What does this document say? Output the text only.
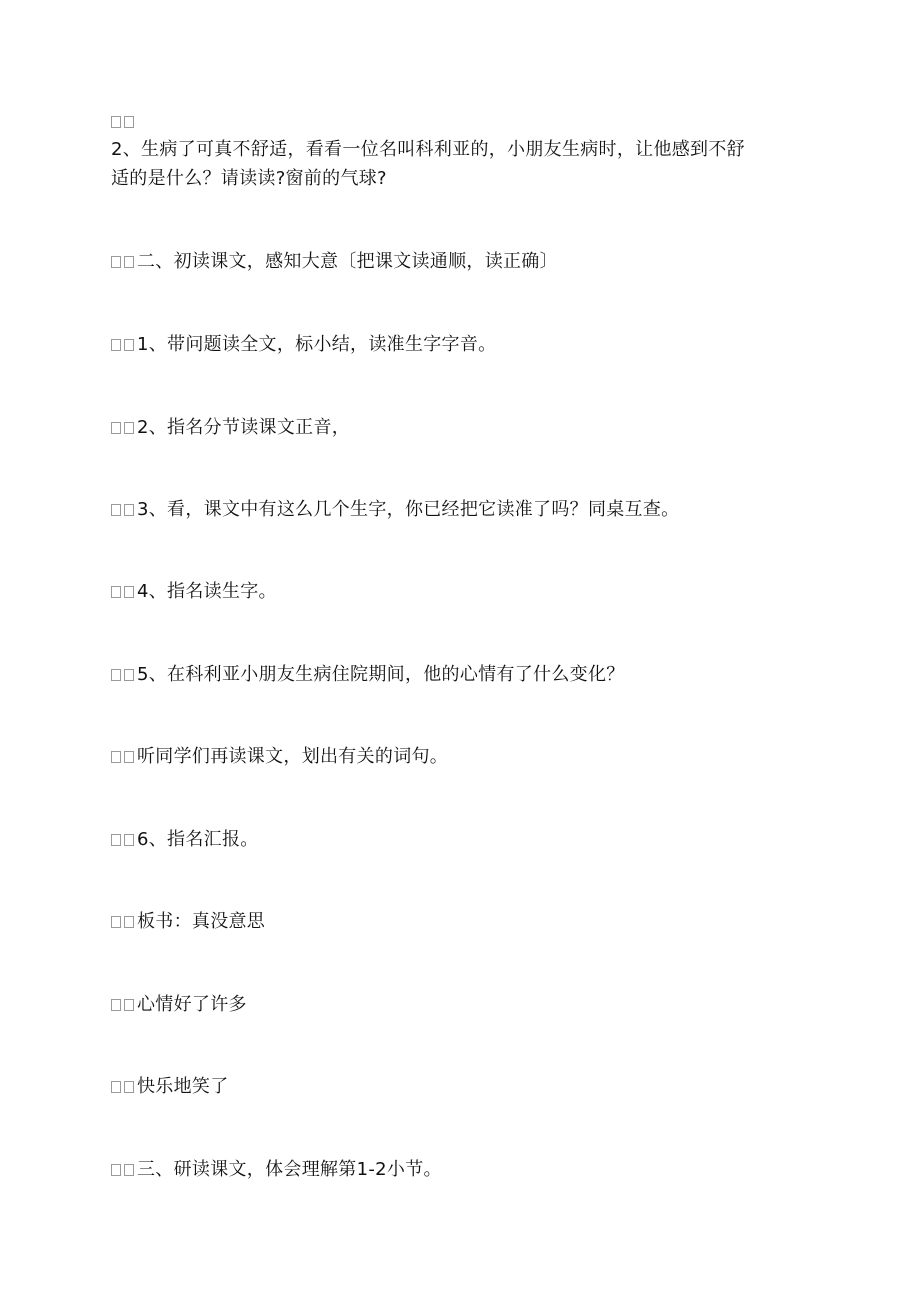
2、生病了可真不舒适，看看一位名叫科利亚的，小朋友生病时，让他感到不舒
适的是什么？请读读?窗前的气球?
二、初读课文，感知大意〔把课文读通顺，读正确〕
1、带问题读全文，标小结，读准生字字音。
2、指名分节读课文正音，
3、看，课文中有这么几个生字，你已经把它读准了吗？同桌互查。
4、指名读生字。
5、在科利亚小朋友生病住院期间，他的心情有了什么变化？
听同学们再读课文，划出有关的词句。
6、指名汇报。
板书：真没意思
心情好了许多
快乐地笑了
三、研读课文，体会理解第1-2小节。
